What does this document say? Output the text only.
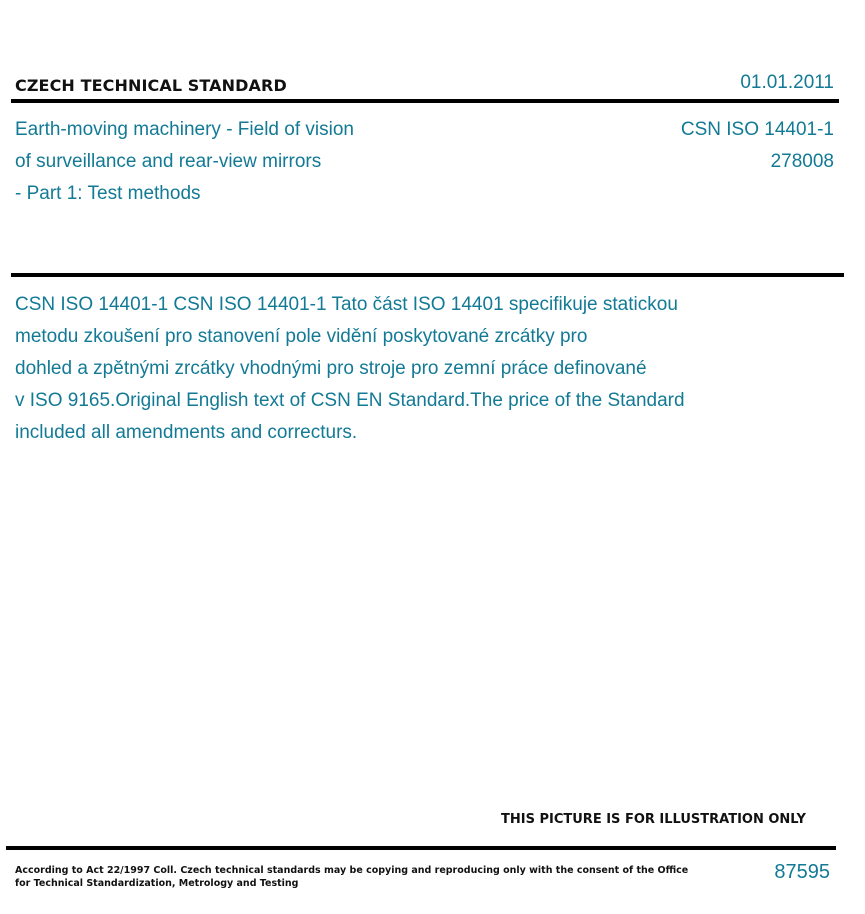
CZECH TECHNICAL STANDARD	01.01.2011
Earth-moving machinery - Field of vision
of surveillance and rear-view mirrors
- Part 1: Test methods
CSN ISO 14401-1
278008
CSN ISO 14401-1 CSN ISO 14401-1 Tato část ISO 14401 specifikuje statickou
metodu zkoušení pro stanovení pole vidění poskytované zrcátky pro
dohled a zpětnými zrcátky vhodnými pro stroje pro zemní práce definované
v ISO 9165.Original English text of CSN EN Standard.The price of the Standard
included all amendments and correcturs.
THIS PICTURE IS FOR ILLUSTRATION ONLY
According to Act 22/1997 Coll. Czech technical standards may be copying and reproducing only with the consent of the Office
for Technical Standardization, Metrology and Testing
87595
